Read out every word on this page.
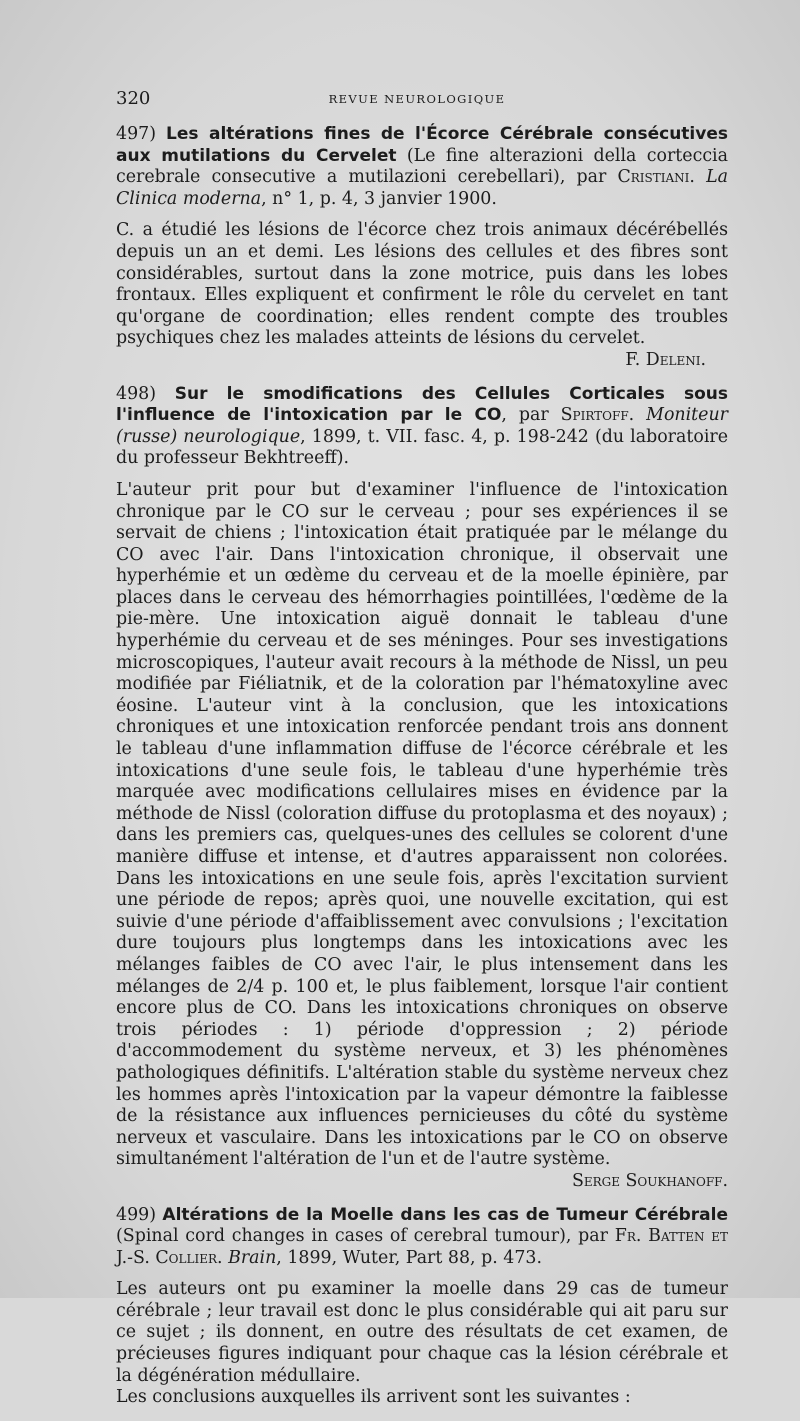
320	REVUE NEUROLOGIQUE

497) Les altérations fines de l'Écorce Cérébrale consécutives aux mutilations du Cervelet (Le fine alterazioni della corteccia cerebrale consecutive a mutilazioni cerebellari), par Cristiani. La Clinica moderna, n° 1, p. 4, 3 janvier 1900.

C. a étudié les lésions de l'écorce chez trois animaux décérébellés depuis un an et demi. Les lésions des cellules et des fibres sont considérables, surtout dans la zone motrice, puis dans les lobes frontaux. Elles expliquent et confirment le rôle du cervelet en tant qu'organe de coordination; elles rendent compte des troubles psychiques chez les malades atteints de lésions du cervelet.

F. Deleni.

498) Sur le smodifications des Cellules Corticales sous l'influence de l'intoxication par le CO, par Spirtoff. Moniteur (russe) neurologique, 1899, t. VII. fasc. 4, p. 198-242 (du laboratoire du professeur Bekhtreeff).

L'auteur prit pour but d'examiner l'influence de l'intoxication chronique par le CO sur le cerveau ; pour ses expériences il se servait de chiens ; l'intoxication était pratiquée par le mélange du CO avec l'air. Dans l'intoxication chronique, il observait une hyperhémie et un œdème du cerveau et de la moelle épinière, par places dans le cerveau des hémorrhagies pointillées, l'œdème de la pie-mère. Une intoxication aiguë donnait le tableau d'une hyperhémie du cerveau et de ses méninges. Pour ses investigations microscopiques, l'auteur avait recours à la méthode de Nissl, un peu modifiée par Fiéliatnik, et de la coloration par l'hématoxyline avec éosine. L'auteur vint à la conclusion, que les intoxications chroniques et une intoxication renforcée pendant trois ans donnent le tableau d'une inflammation diffuse de l'écorce cérébrale et les intoxications d'une seule fois, le tableau d'une hyperhémie très marquée avec modifications cellulaires mises en évidence par la méthode de Nissl (coloration diffuse du protoplasma et des noyaux) ; dans les premiers cas, quelques-unes des cellules se colorent d'une manière diffuse et intense, et d'autres apparaissent non colorées. Dans les intoxications en une seule fois, après l'excitation survient une période de repos; après quoi, une nouvelle excitation, qui est suivie d'une période d'affaiblissement avec convulsions ; l'excitation dure toujours plus longtemps dans les intoxications avec les mélanges faibles de CO avec l'air, le plus intensement dans les mélanges de 2/4 p. 100 et, le plus faiblement, lorsque l'air contient encore plus de CO. Dans les intoxications chroniques on observe trois périodes : 1) période d'oppression ; 2) période d'accommodement du système nerveux, et 3) les phénomènes pathologiques définitifs. L'altération stable du système nerveux chez les hommes après l'intoxication par la vapeur démontre la faiblesse de la résistance aux influences pernicieuses du côté du système nerveux et vasculaire. Dans les intoxications par le CO on observe simultanément l'altération de l'un et de l'autre système.
Serge Soukhanoff.

499) Altérations de la Moelle dans les cas de Tumeur Cérébrale (Spinal cord changes in cases of cerebral tumour), par Fr. Batten et J.-S. Collier. Brain, 1899, Wuter, Part 88, p. 473.

Les auteurs ont pu examiner la moelle dans 29 cas de tumeur cérébrale ; leur travail est donc le plus considérable qui ait paru sur ce sujet ; ils donnent, en outre des résultats de cet examen, de précieuses figures indiquant pour chaque cas la lésion cérébrale et la dégénération médullaire.

Les conclusions auxquelles ils arrivent sont les suivantes :
